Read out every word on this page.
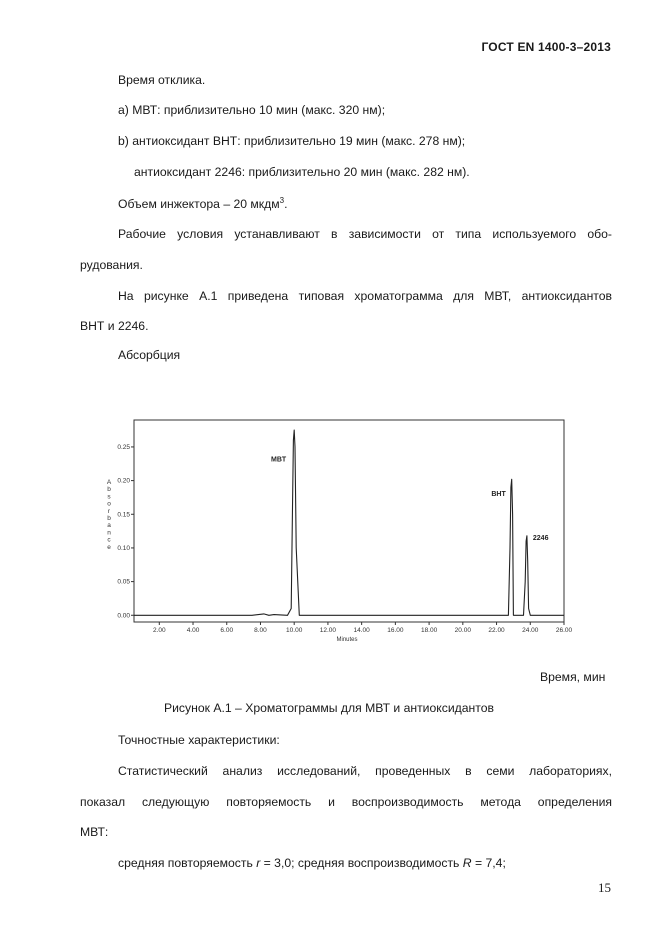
ГОСТ EN 1400-3–2013
Время отклика.
а) МВТ: приблизительно 10 мин (макс. 320 нм);
b) антиоксидант ВНТ: приблизительно 19 мин (макс. 278 нм);
антиоксидант 2246: приблизительно 20 мин (макс. 282 нм).
Объем инжектора – 20 мкдм$^3$.
Рабочие условия устанавливают в зависимости от типа используемого обо-
рудования.
На рисунке А.1 приведена типовая хроматограмма для МВТ, антиоксидантов
ВНТ и 2246.
Абсорбция
0.00
0.05
0.10
0.15
0.20
0.25
2.00	4.00	6.00	8.00	10.00	12.00	14.00	16.00	18.00	20.00	22.00	24.00	26.00
Minutes
A b s o r b a n c e
MBT
BHT
2246
Время, мин
Рисунок А.1 – Хроматограммы для МВТ и антиоксидантов
Точностные характеристики:
Статистический анализ исследований, проведенных в семи лабораториях,
показал следующую повторяемость и воспроизводимость метода определения
МВТ:
средняя повторяемость r = 3,0; средняя воспроизводимость R = 7,4;
15
